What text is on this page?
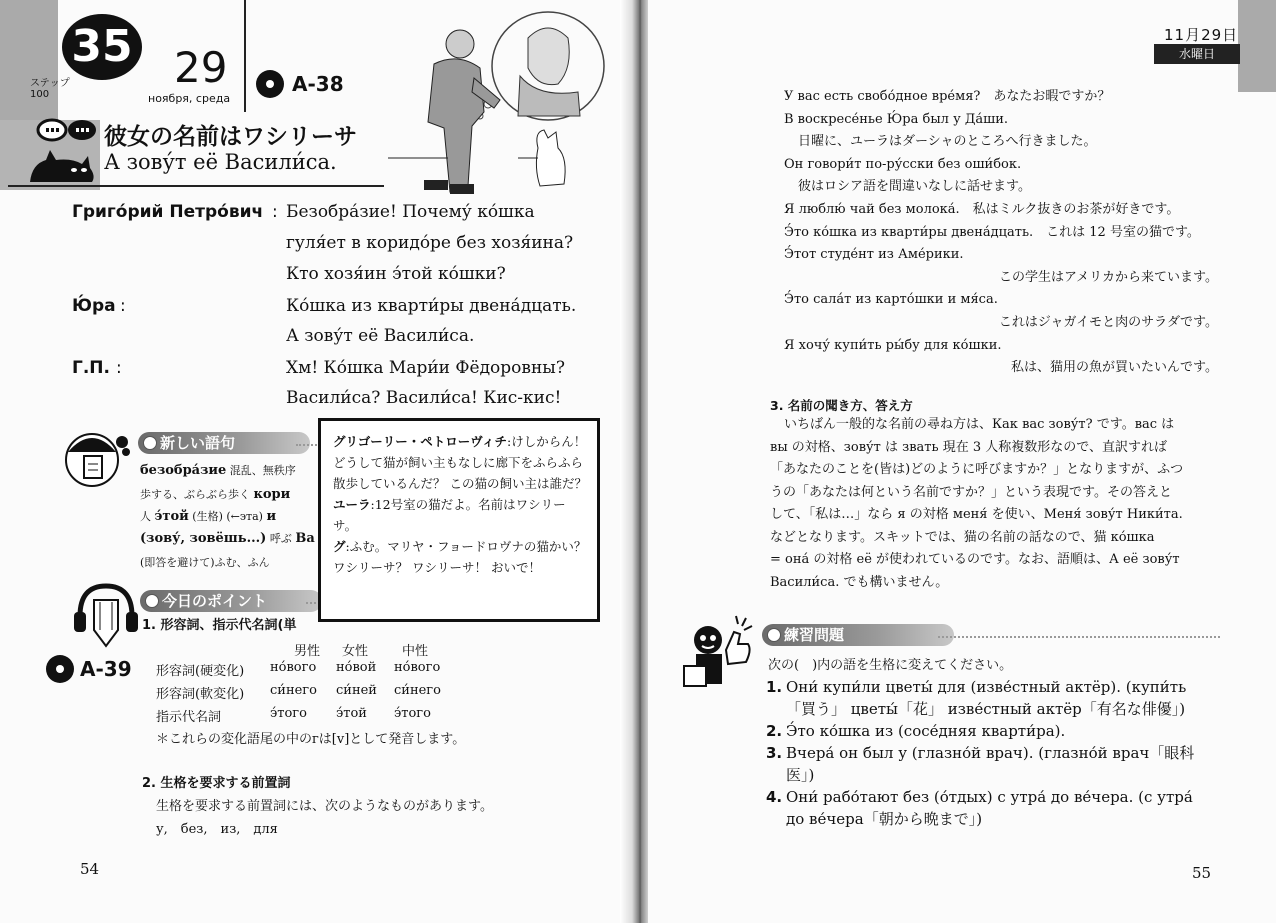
35
ステップ100
29
ноября, среда
A-38
彼女の名前はワシリーサ
А зову́т её Васили́са.
Григо́рий Петро́вич : Безобра́зие! Почему́ ко́шка
гуля́ет в коридо́ре без хозя́ина?
Кто хозя́ин э́той ко́шки?
Ю́ра :	Ко́шка из кварти́ры двена́дцать.
А зову́т её Васили́са.
Г.П. :	Хм! Ко́шка Мари́и Фёдоровны?
Васили́са? Васили́са! Кис-кис!
新しい語句
безобра́зие 混乱、無秩序
歩する、ぶらぶら歩く кори
人 э́той (生格) (←эта) и
(зову́, зовёшь...) 呼ぶ Ва
(即答を避けて)ふむ、ふん
今日のポイント
1. 形容詞、指示代名詞(単
A-39
男性 女性	中性
形容詞(硬変化) но́вого но́вой но́вого
形容詞(軟変化) си́него си́ней си́него
指示代名詞	э́того э́той э́того
＊これらの変化語尾の中のгは[v]として発音します。
2. 生格を要求する前置詞
生格を要求する前置詞には、次のようなものがあります。
у,　без,　из,　для
54
グリゴーリー・ペトローヴィチ:けしからん！ どうして猫が飼い主もなしに廊下をふらふら散歩しているんだ？ この猫の飼い主は誰だ？
ユーラ:12号室の猫だよ。名前はワシリーサ。
グ:ふむ。マリヤ・フョードロヴナの猫かい？ ワシリーサ？ ワシリーサ！ おいで！
11月29日
水曜日
У вас есть свобо́дное вре́мя?　あなたお暇ですか？
В воскресе́нье Ю́ра был у Да́ши.
日曜に、ユーラはダーシャのところへ行きました。
Он говори́т по-ру́сски без оши́бок.
彼はロシア語を間違いなしに話せます。
Я люблю́ чай без молока́.　私はミルク抜きのお茶が好きです。
Э́то ко́шка из кварти́ры двена́дцать.　これは 12 号室の猫です。
Э́тот студе́нт из Аме́рики.
この学生はアメリカから来ています。
Э́то сала́т из карто́шки и мя́са.
これはジャガイモと肉のサラダです。
Я хочу́ купи́ть ры́бу для ко́шки.
私は、猫用の魚が買いたいんです。
3. 名前の聞き方、答え方
いちばん一般的な名前の尋ね方は、Как вас зову́т? です。вас は
вы の対格、зову́т は звать 現在 3 人称複数形なので、直訳すれば
「あなたのことを(皆は)どのように呼びますか？」となりますが、ふつ
うの「あなたは何という名前ですか？」という表現です。その答えと
して、「私は…」なら я の対格 меня́ を使い、Меня́ зову́т Ники́та.
などとなります。スキットでは、猫の名前の話なので、猫 ко́шка
= она́ の対格 её が使われているのです。なお、語順は、А её зову́т
Васили́са. でも構いません。
練習問題
次の(　)内の語を生格に変えてください。
1. Они́ купи́ли цветы́ для (изве́стный актёр). (купи́ть
「買う」 цветы́「花」 изве́стный актёр「有名な俳優」)
2. Э́то ко́шка из (сосе́дняя кварти́ра).
3. Вчера́ он был у (глазно́й врач). (глазно́й врач「眼科
医」)
4. Они́ рабо́тают без (о́тдых) с утра́ до ве́чера. (с утра́
до ве́чера「朝から晩まで」)
55
